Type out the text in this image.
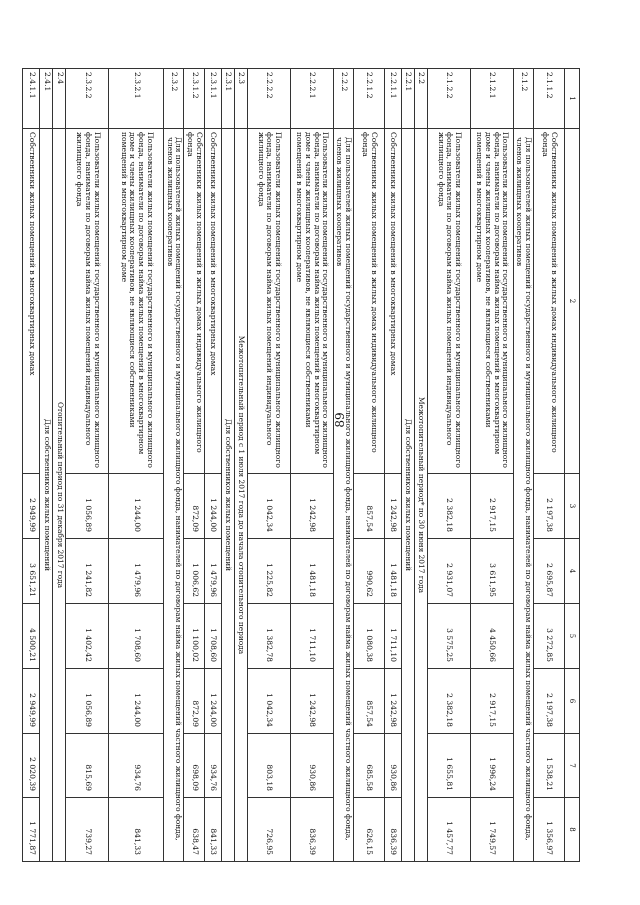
89
1	2	3	4	5	6	7	8
2.1.1.2	Собственники жилых помещений в жилых домах индивидуального жилищного фонда	2 197,38	2 695,87	3 272,85	2 197,38	1 538,21	1 356,97
2.1.2	Для пользователей жилых помещений государственного и муниципального жилищного фонда, нанимателей по договорам найма жилых помещений частного жилищного фонда, членов жилищных кооперативов						
2.1.2.1	Пользователи жилых помещений государственного и муниципального жилищного фонда, наниматели по договорам найма жилых помещений в многоквартирном доме и члены жилищных кооперативов, не являющиеся собственниками помещений в многоквартирном доме	2 917,15	3 611,95	4 450,66	2 917,15	1 996,24	1 749,57
2.1.2.2	Пользователи жилых помещений государственного и муниципального жилищного фонда, наниматели по договорам найма жилых помещений индивидуального жилищного фонда	2 382,18	2 931,07	3 575,25	2 382,18	1 655,81	1 457,77
2.2	Межотопительный период* по 30 июня 2017 года						
2.2.1	Для собственников жилых помещений						
2.2.1.1	Собственники жилых помещений в многоквартирных домах	1 242,98	1 481,18	1 711,10	1 242,98	930,86	836,39
2.2.1.2	Собственники жилых помещений в жилых домах индивидуального жилищного фонда	857,54	990,62	1 080,38	857,54	685,58	626,15
2.2.2	Для пользователей жилых помещений государственного и муниципального жилищного фонда, нанимателей по договорам найма жилых помещений частного жилищного фонда, членов жилищных кооперативов						
2.2.2.1	Пользователи жилых помещений государственного и муниципального жилищного фонда, наниматели по договорам найма жилых помещений в многоквартирном доме и члены жилищных кооперативов, не являющиеся собственниками помещений в многоквартирном доме	1 242,98	1 481,18	1 711,10	1 242,98	930,86	836,39
2.2.2.2	Пользователи жилых помещений государственного и муниципального жилищного фонда, наниматели по договорам найма жилых помещений индивидуального жилищного фонда	1 042,34	1 225,82	1 382,78	1 042,34	803,18	726,95
2.3	Межотопительный период с 1 июля 2017 года до начала отопительного периода						
2.3.1	Для собственников жилых помещений						
2.3.1.1	Собственники жилых помещений в многоквартирных домах	1 244,00	1 479,96	1 708,60	1 244,00	934,76	841,33
2.3.1.2	Собственники жилых помещений в жилых домах индивидуального жилищного фонда	872,09	1 006,62	1 100,02	872,09	698,09	638,47
2.3.2	Для пользователей жилых помещений государственного и муниципального жилищного фонда, нанимателей по договорам найма жилых помещений частного жилищного фонда, членов жилищных кооперативов						
2.3.2.1	Пользователи жилых помещений государственного и муниципального жилищного фонда, наниматели по договорам найма жилых помещений в многоквартирном доме и члены жилищных кооперативов, не являющиеся собственниками помещений в многоквартирном доме	1 244,00	1 479,96	1 708,60	1 244,00	934,76	841,33
2.3.2.2	Пользователи жилых помещений государственного и муниципального жилищного фонда, наниматели по договорам найма жилых помещений индивидуального жилищного фонда	1 056,89	1 241,82	1 402,42	1 056,89	815,69	739,27
2.4	Отопительный период по 31 декабря 2017 года						
2.4.1	Для собственников жилых помещений						
2.4.1.1	Собственники жилых помещений в многоквартирных домах	2 949,99	3 651,21	4 500,21	2 949,99	2 020,39	1 771,87
